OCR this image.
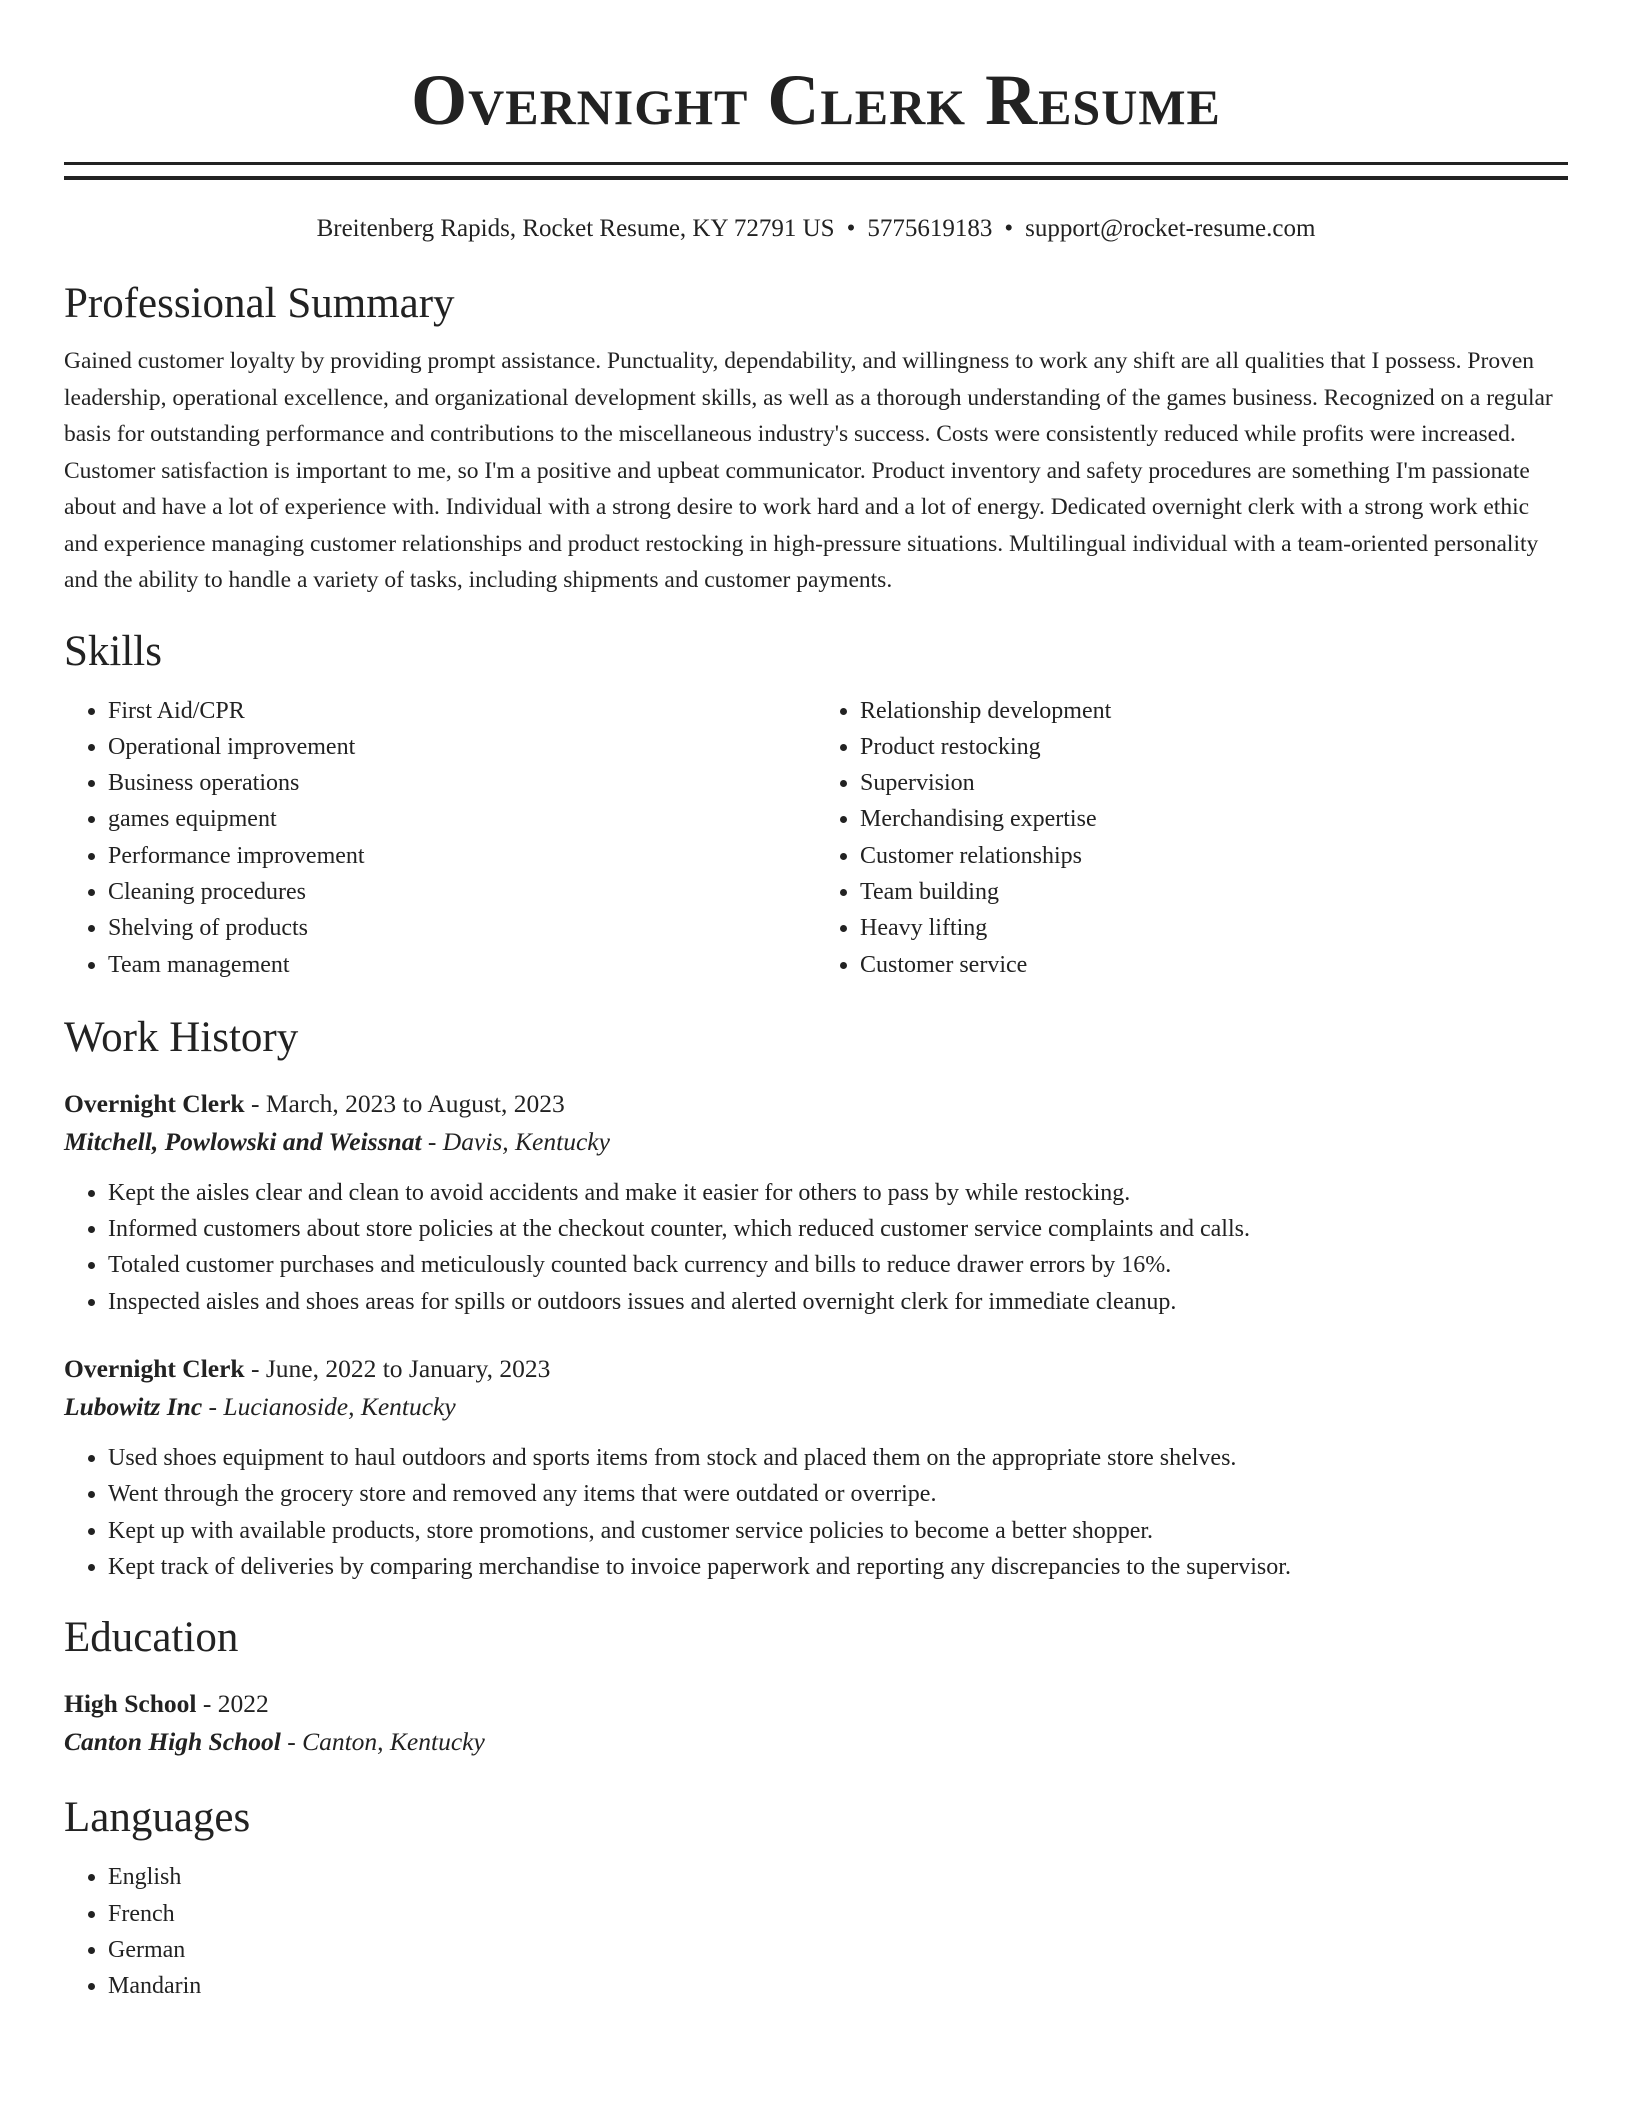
Overnight Clerk Resume
Breitenberg Rapids, Rocket Resume, KY 72791 US • 5775619183 • support@rocket-resume.com
Professional Summary

Gained customer loyalty by providing prompt assistance. Punctuality, dependability, and willingness to work any shift are all qualities that I possess. Proven leadership, operational excellence, and organizational development skills, as well as a thorough understanding of the games business. Recognized on a regular basis for outstanding performance and contributions to the miscellaneous industry's success. Costs were consistently reduced while profits were increased. Customer satisfaction is important to me, so I'm a positive and upbeat communicator. Product inventory and safety procedures are something I'm passionate about and have a lot of experience with. Individual with a strong desire to work hard and a lot of energy. Dedicated overnight clerk with a strong work ethic and experience managing customer relationships and product restocking in high-pressure situations. Multilingual individual with a team-oriented personality and the ability to handle a variety of tasks, including shipments and customer payments.

Skills
• First Aid/CPR
• Operational improvement
• Business operations
• games equipment
• Performance improvement
• Cleaning procedures
• Shelving of products
• Team management
• Relationship development
• Product restocking
• Supervision
• Merchandising expertise
• Customer relationships
• Team building
• Heavy lifting
• Customer service
Work History
Overnight Clerk - March, 2023 to August, 2023
Mitchell, Powlowski and Weissnat - Davis, Kentucky
• Kept the aisles clear and clean to avoid accidents and make it easier for others to pass by while restocking.
• Informed customers about store policies at the checkout counter, which reduced customer service complaints and calls.
• Totaled customer purchases and meticulously counted back currency and bills to reduce drawer errors by 16%.
• Inspected aisles and shoes areas for spills or outdoors issues and alerted overnight clerk for immediate cleanup.
Overnight Clerk - June, 2022 to January, 2023
Lubowitz Inc - Lucianoside, Kentucky
• Used shoes equipment to haul outdoors and sports items from stock and placed them on the appropriate store shelves.
• Went through the grocery store and removed any items that were outdated or overripe.
• Kept up with available products, store promotions, and customer service policies to become a better shopper.
• Kept track of deliveries by comparing merchandise to invoice paperwork and reporting any discrepancies to the supervisor.
Education
High School - 2022
Canton High School - Canton, Kentucky
Languages
• English
• French
• German
• Mandarin
